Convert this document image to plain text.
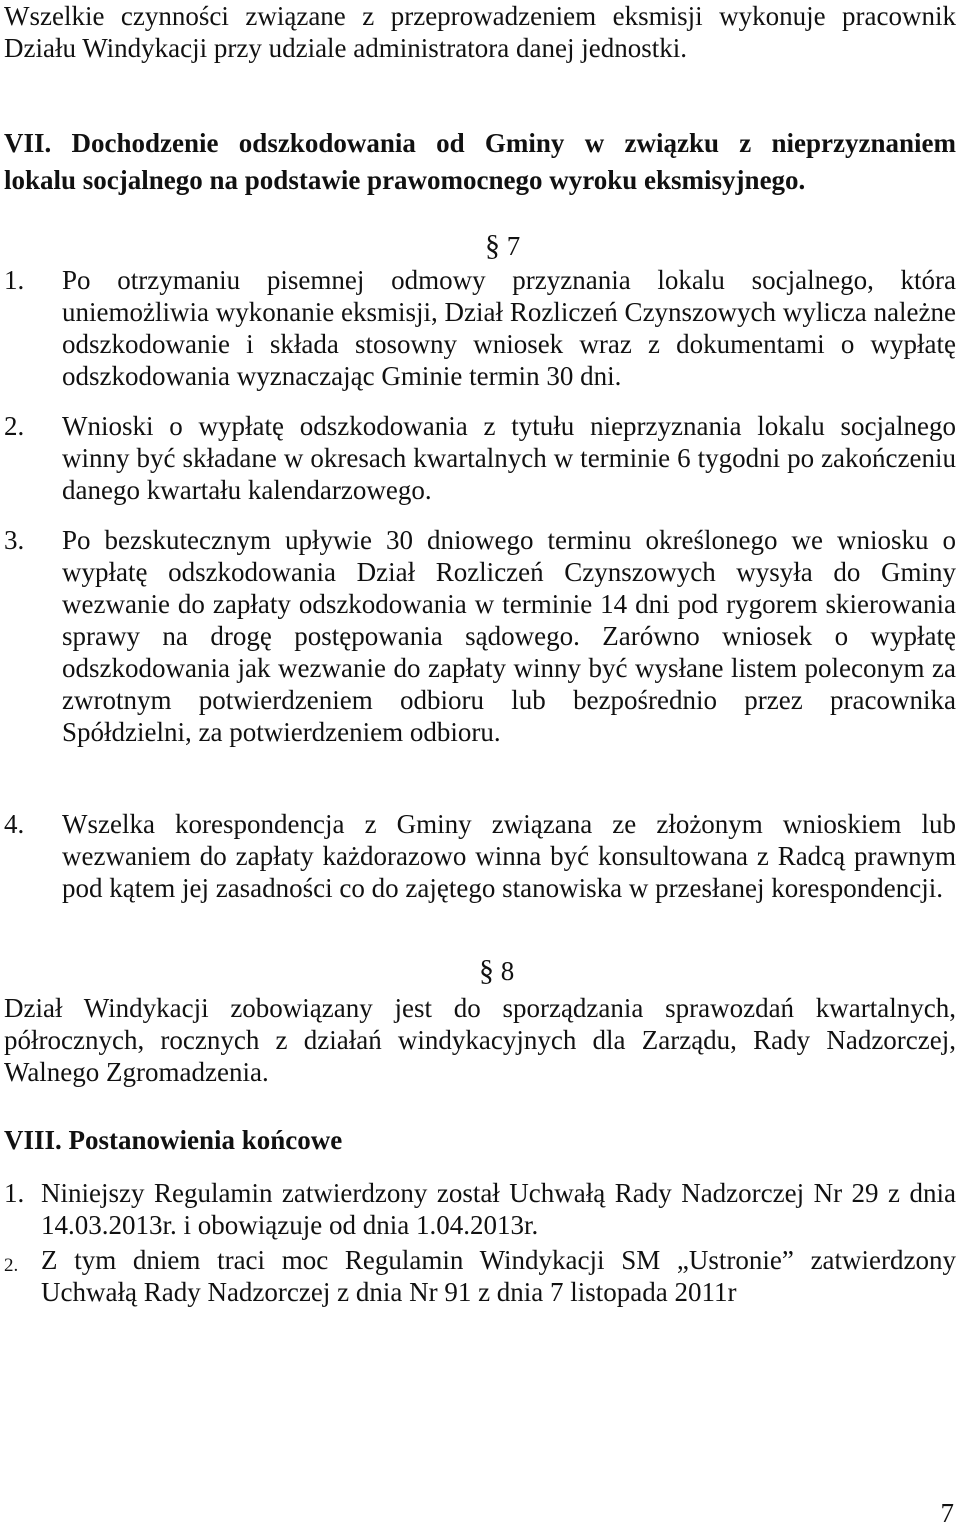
Wszelkie czynności związane z przeprowadzeniem eksmisji wykonuje pracownik Działu Windykacji przy udziale administratora danej jednostki.
VII. Dochodzenie odszkodowania od Gminy w związku z nieprzyznaniem
lokalu socjalnego na podstawie prawomocnego wyroku eksmisyjnego.
§ 7
1. Po otrzymaniu pisemnej odmowy przyznania lokalu socjalnego, która uniemożliwia wykonanie eksmisji, Dział Rozliczeń Czynszowych wylicza należne odszkodowanie i składa stosowny wniosek wraz z dokumentami o wypłatę odszkodowania wyznaczając Gminie termin 30 dni.
2. Wnioski o wypłatę odszkodowania z tytułu nieprzyznania lokalu socjalnego winny być składane w okresach kwartalnych w terminie 6 tygodni po zakończeniu danego kwartału kalendarzowego.
3. Po bezskutecznym upływie 30 dniowego terminu określonego we wniosku o wypłatę odszkodowania Dział Rozliczeń Czynszowych wysyła do Gminy wezwanie do zapłaty odszkodowania w terminie 14 dni pod rygorem skierowania sprawy na drogę postępowania sądowego. Zarówno wniosek o wypłatę odszkodowania jak wezwanie do zapłaty winny być wysłane listem poleconym za zwrotnym potwierdzeniem odbioru lub bezpośrednio przez pracownika Spółdzielni, za potwierdzeniem odbioru.
4. Wszelka korespondencja z Gminy związana ze złożonym wnioskiem lub wezwaniem do zapłaty każdorazowo winna być konsultowana z Radcą prawnym pod kątem jej zasadności co do zajętego stanowiska w przesłanej korespondencji.
§ 8
Dział Windykacji zobowiązany jest do sporządzania sprawozdań kwartalnych, półrocznych, rocznych z działań windykacyjnych dla Zarządu, Rady Nadzorczej, Walnego Zgromadzenia.
VIII. Postanowienia końcowe
1. Niniejszy Regulamin zatwierdzony został Uchwałą Rady Nadzorczej Nr 29 z dnia 14.03.2013r. i obowiązuje od dnia 1.04.2013r.
2. Z tym dniem traci moc Regulamin Windykacji SM „Ustronie” zatwierdzony Uchwałą Rady Nadzorczej z dnia Nr 91 z dnia 7 listopada 2011r
7
